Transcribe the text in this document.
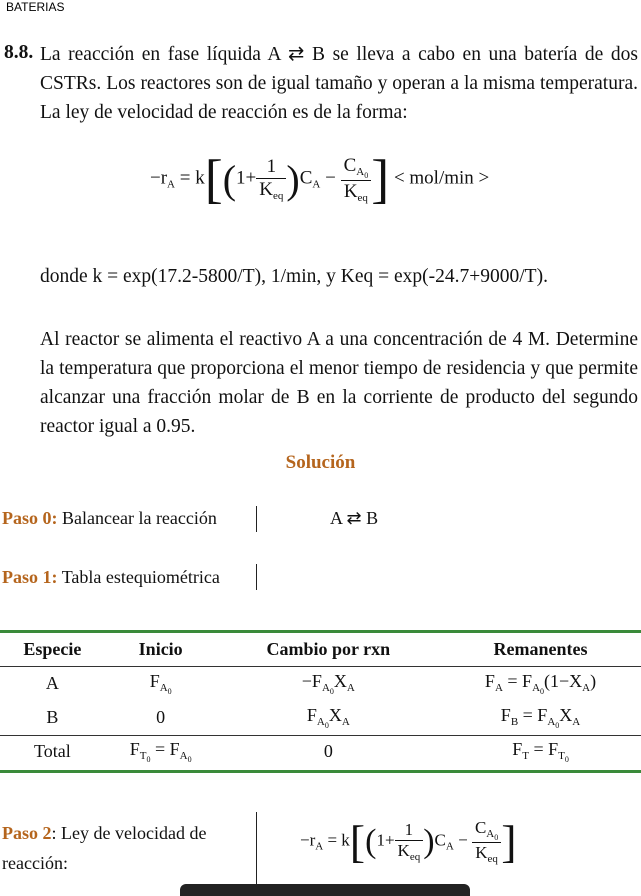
BATERIAS
8.8. La reacción en fase líquida A ⇄ B se lleva a cabo en una batería de dos CSTRs. Los reactores son de igual tamaño y operan a la misma temperatura. La ley de velocidad de reacción es de la forma:
$-r_A = k[(1+ \frac{1}{K_{eq}} )C_A - \frac{C_{A_0}}{K_{eq}}$ ] < mol/min >
donde k = exp(17.2-5800/T), 1/min, y Keq = exp(-24.7+9000/T).
Al reactor se alimenta el reactivo A a una concentración de 4 M. Determine la temperatura que proporciona el menor tiempo de residencia y que permite alcanzar una fracción molar de B en la corriente de producto del segundo reactor igual a 0.95.
Solución
Paso 0: Balancear la reacción	A ⇄ B
Paso 1: Tabla estequiométrica
Especie	Inicio	Cambio por rxn	Remanentes
A	$F_{A_0}$	$-F_{A_0}X_A$	$F_A = F_{A_0}(1-X_A)$
B	0	$F_{A_0}X_A$	$F_B = F_{A_0}X_A$
Total	$F_{T_0} = F_{A_0}$	0	$F_T = F_{T_0}$
Paso 2: Ley de velocidad de
reacción:
$-r_A = k[(1+ \frac{1}{K_{eq}} )C_A - \frac{C_{A_0}}{K_{eq}}$ ]
